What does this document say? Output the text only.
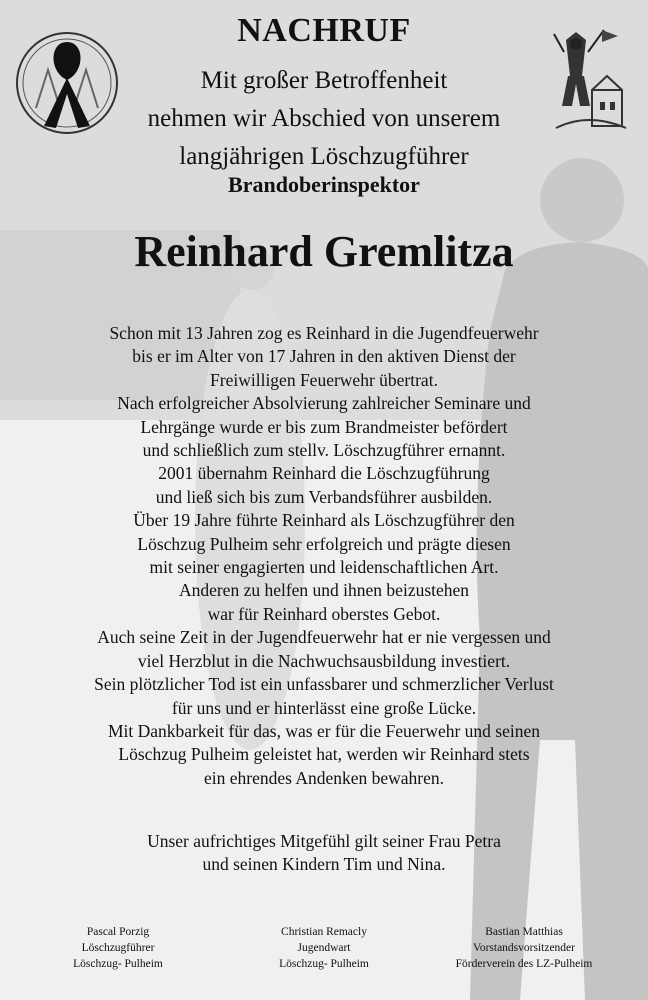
NACHRUF
Mit großer Betroffenheit
nehmen wir Abschied von unserem
langjährigen Löschzugführer
Brandoberinspektor
Reinhard Gremlitza
Schon mit 13 Jahren zog es Reinhard in die Jugendfeuerwehr
bis er im Alter von 17 Jahren in den aktiven Dienst der
Freiwilligen Feuerwehr übertrat.
Nach erfolgreicher Absolvierung zahlreicher Seminare und
Lehrgänge wurde er bis zum Brandmeister befördert
und schließlich zum stellv. Löschzugführer ernannt.
2001 übernahm Reinhard die Löschzugführung
und ließ sich bis zum Verbandsführer ausbilden.
Über 19 Jahre führte Reinhard als Löschzugführer den
Löschzug Pulheim sehr erfolgreich und prägte diesen
mit seiner engagierten und leidenschaftlichen Art.
Anderen zu helfen und ihnen beizustehen
war für Reinhard oberstes Gebot.
Auch seine Zeit in der Jugendfeuerwehr hat er nie vergessen und
viel Herzblut in die Nachwuchsausbildung investiert.
Sein plötzlicher Tod ist ein unfassbarer und schmerzlicher Verlust
für uns und er hinterlässt eine große Lücke.
Mit Dankbarkeit für das, was er für die Feuerwehr und seinen
Löschzug Pulheim geleistet hat, werden wir Reinhard stets
ein ehrendes Andenken bewahren.
Unser aufrichtiges Mitgefühl gilt seiner Frau Petra
und seinen Kindern Tim und Nina.
Pascal Porzig
Löschzugführer
Löschzug- Pulheim
Christian Remacly
Jugendwart
Löschzug- Pulheim
Bastian Matthias
Vorstandsvorsitzender
Förderverein des LZ-Pulheim
